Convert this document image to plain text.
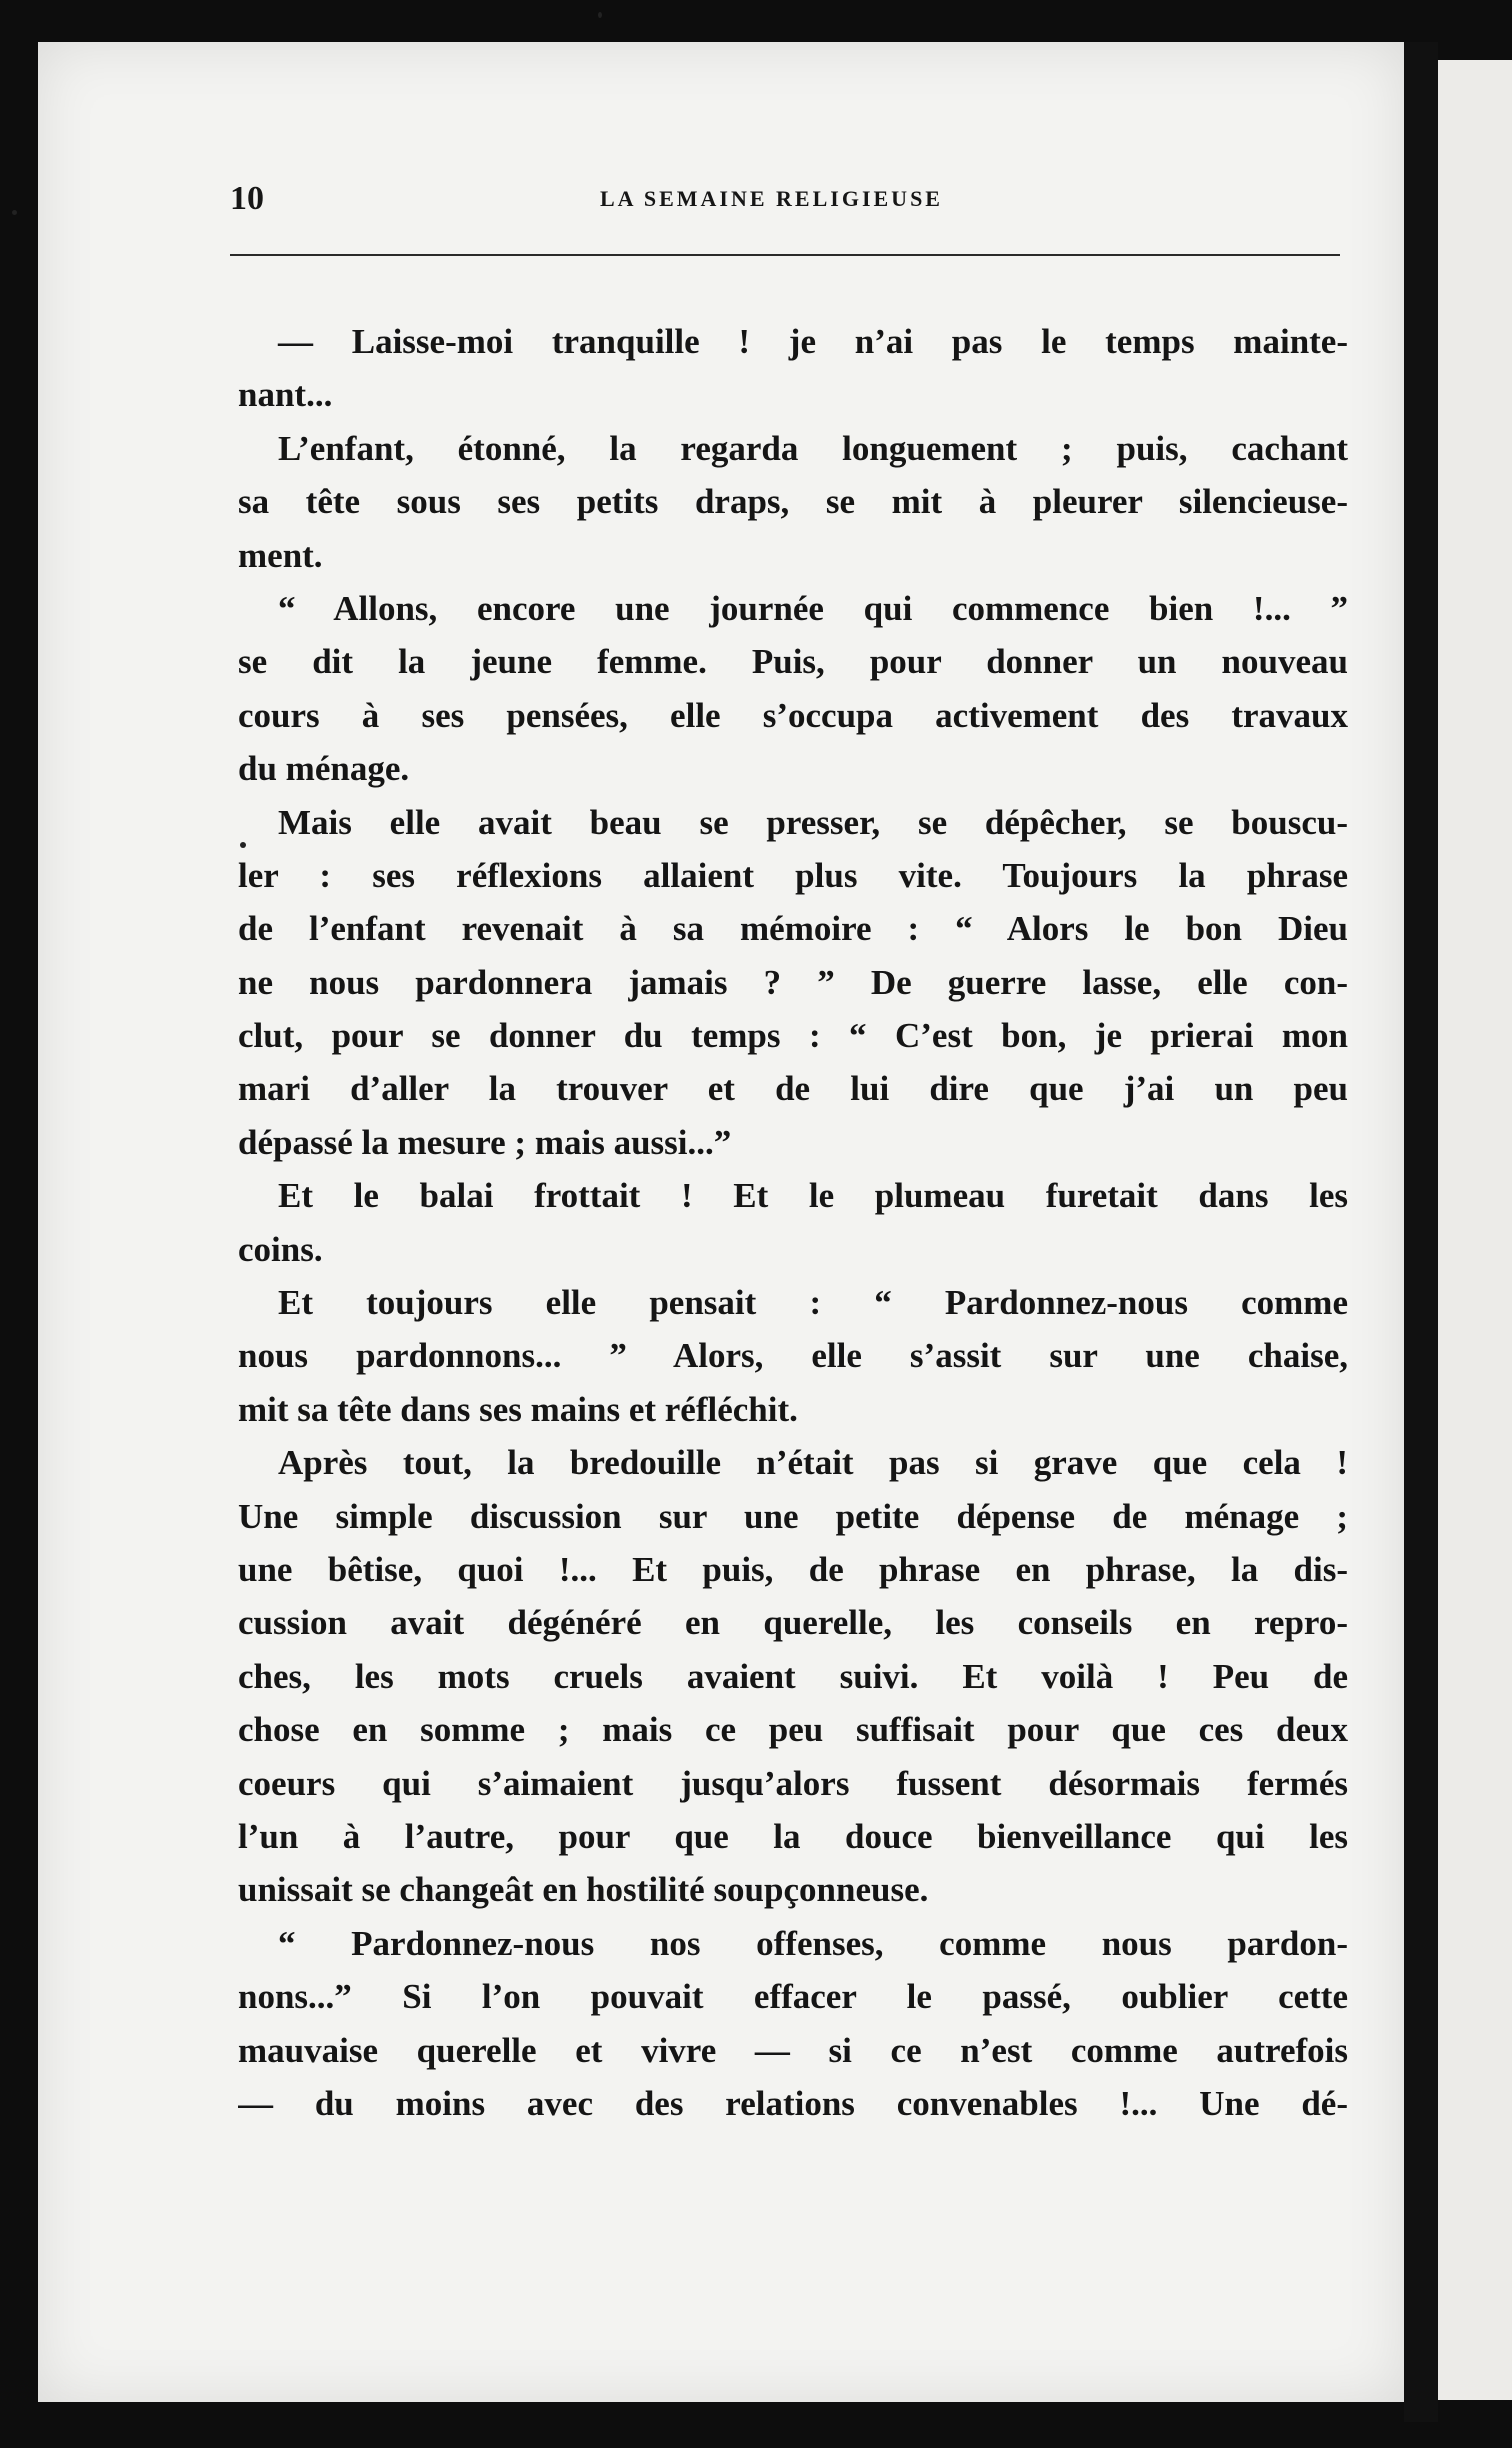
10	LA SEMAINE RELIGIEUSE
— Laisse-moi tranquille ! je n’ai pas le temps mainte-
nant...
L’enfant, étonné, la regarda longuement ; puis, cachant
sa tête sous ses petits draps, se mit à pleurer silencieuse-
ment.
“ Allons, encore une journée qui commence bien !... ”
se dit la jeune femme. Puis, pour donner un nouveau
cours à ses pensées, elle s’occupa activement des travaux
du ménage.
Mais elle avait beau se presser, se dépêcher, se bouscu-
ler : ses réflexions allaient plus vite. Toujours la phrase
de l’enfant revenait à sa mémoire : “ Alors le bon Dieu
ne nous pardonnera jamais ? ” De guerre lasse, elle con-
clut, pour se donner du temps : “ C’est bon, je prierai mon
mari d’aller la trouver et de lui dire que j’ai un peu
dépassé la mesure ; mais aussi...”
Et le balai frottait ! Et le plumeau furetait dans les
coins.
Et toujours elle pensait : “ Pardonnez-nous comme
nous pardonnons... ” Alors, elle s’assit sur une chaise,
mit sa tête dans ses mains et réfléchit.
Après tout, la bredouille n’était pas si grave que cela !
Une simple discussion sur une petite dépense de ménage ;
une bêtise, quoi !... Et puis, de phrase en phrase, la dis-
cussion avait dégénéré en querelle, les conseils en repro-
ches, les mots cruels avaient suivi. Et voilà ! Peu de
chose en somme ; mais ce peu suffisait pour que ces deux
coeurs qui s’aimaient jusqu’alors fussent désormais fermés
l’un à l’autre, pour que la douce bienveillance qui les
unissait se changeât en hostilité soupçonneuse.
“ Pardonnez-nous nos offenses, comme nous pardon-
nons...” Si l’on pouvait effacer le passé, oublier cette
mauvaise querelle et vivre — si ce n’est comme autrefois
— du moins avec des relations convenables !... Une dé-
